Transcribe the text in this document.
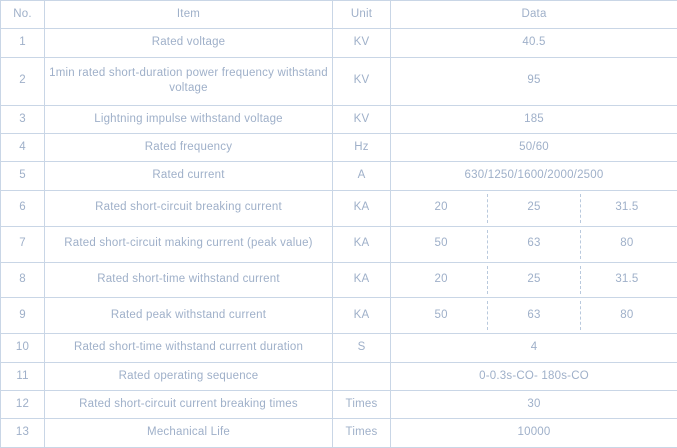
No.	Item	Unit	Data
1	Rated voltage	KV	40.5
2	1min rated short-duration power frequency withstand voltage	KV	95
3	Lightning impulse withstand voltage	KV	185
4	Rated frequency	Hz	50/60
5	Rated current	A	630/1250/1600/2000/2500
6	Rated short-circuit breaking current	KA		20	25	31.5

7	Rated short-circuit making current (peak value)	KA		50	63	80

8	Rated short-time withstand current	KA		20	25	31.5

9	Rated peak withstand current	KA		50	63	80

10	Rated short-time withstand current duration	S	4
11	Rated operating sequence		0-0.3s-CO- 180s-CO
12	Rated short-circuit current breaking times	Times	30
13	Mechanical Life	Times	10000
